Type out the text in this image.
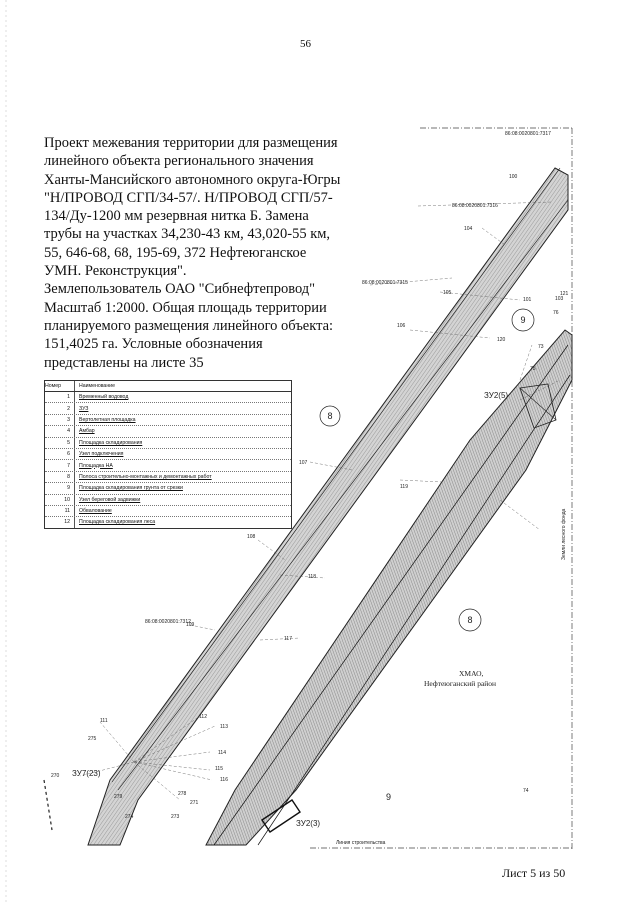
56
Проект межевания территории для размещения
линейного объекта регионального значения
Ханты-Мансийского автономного округа-Югры
"Н/ПРОВОД СГП/34-57/. Н/ПРОВОД СГП/57-
134/Ду-1200 мм резервная нитка Б. Замена
трубы на участках 34,230-43 км, 43,020-55 км,
55, 646-68, 68, 195-69, 372 Нефтеюганское
УМН. Реконструкция".
Землепользователь ОАО "Сибнефтепровод"
Масштаб 1:2000. Общая площадь территории
планируемого размещения линейного объекта:
151,4025 га. Условные обозначения
представлены на листе 35
86:08:0020801:7317
86:08:0020801:7316
86:08:0020801:7315
86:08:0020801:7312
ЗУ2(5)
ЗУ7(23)
ЗУ2(3)
9
8
8
9
100
104
105
101	103
120
121
106
107
119
108
118
109
117
112
113
114
115
116
111
275
278
271
273
274
270
279
74
76
73
75
ХМАО,
Нефтеюганский район
Земли лесного фонда
Линия строительства
Номер	Наименование
1	Временный водовод
2	ЗУЗ
3	Вертолетная площадка
4	Амбар
5	Площадка складирования
6	Узел подключения
7	Площадка НА
8	Полоса строительно-монтажных и демонтажных работ
9	Площадка складирования грунта от срезки
10	Узел береговой задвижки
11	Обвалование
12	Площадка складирования леса
Лист 5 из 50
